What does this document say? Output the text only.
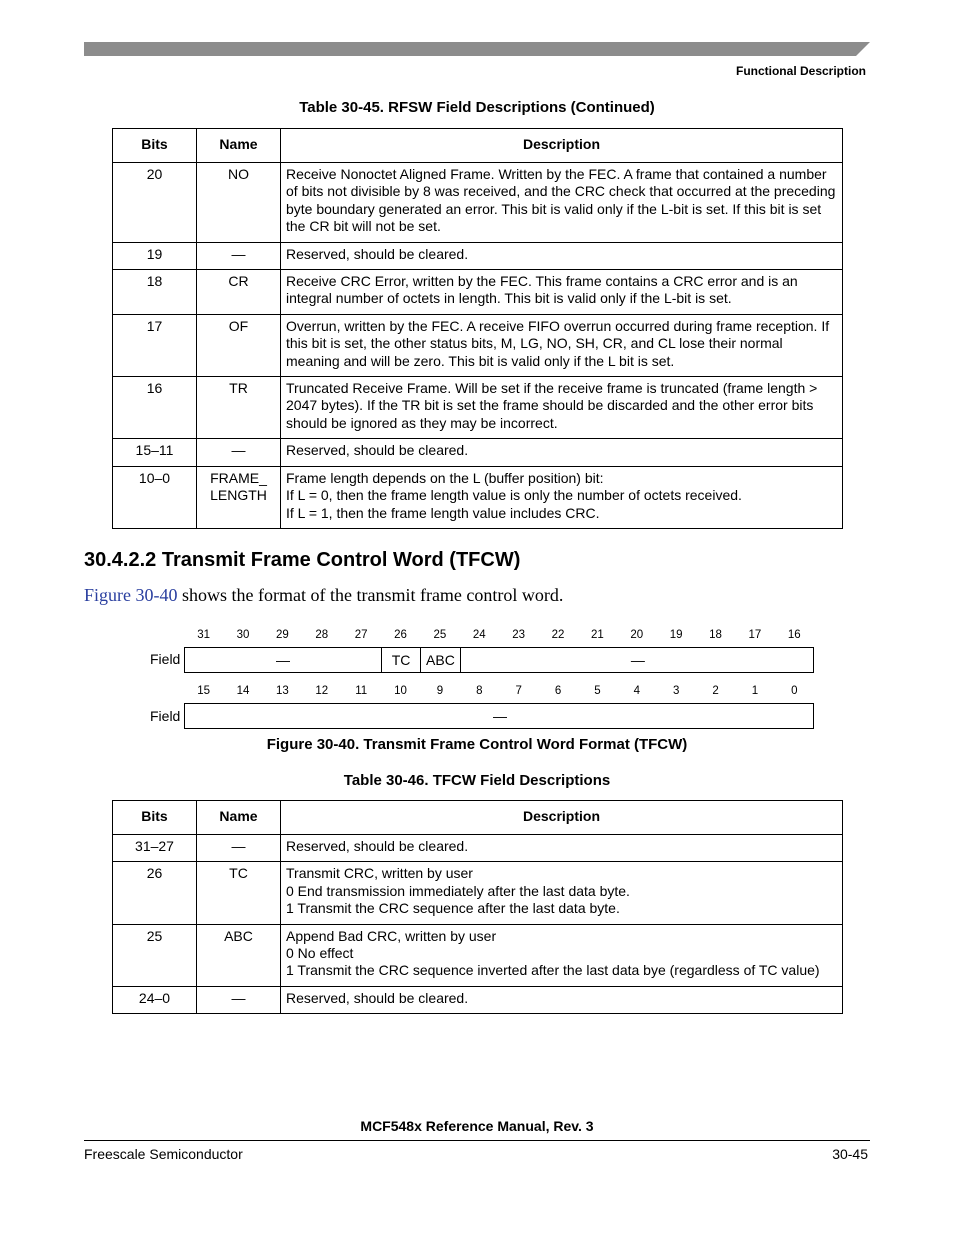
Functional Description
Table 30-45. RFSW Field Descriptions (Continued)
Bits	Name	Description
20	NO	Receive Nonoctet Aligned Frame. Written by the FEC. A frame that contained a number of bits not divisible by 8 was received, and the CRC check that occurred at the preceding byte boundary generated an error. This bit is valid only if the L-bit is set. If this bit is set the CR bit will not be set.

19	—	Reserved, should be cleared.

18	CR	Receive CRC Error, written by the FEC. This frame contains a CRC error and is an integral number of octets in length. This bit is valid only if the L-bit is set.

17	OF	Overrun, written by the FEC. A receive FIFO overrun occurred during frame reception. If this bit is set, the other status bits, M, LG, NO, SH, CR, and CL lose their normal meaning and will be zero. This bit is valid only if the L bit is set.

16	TR	Truncated Receive Frame. Will be set if the receive frame is truncated (frame length > 2047 bytes). If the TR bit is set the frame should be discarded and the other error bits should be ignored as they may be incorrect.

15–11	—	Reserved, should be cleared.

10–0	FRAME_ LENGTH	Frame length depends on the L (buffer position) bit:
If L = 0, then the frame length value is only the number of octets received.
If L = 1, then the frame length value includes CRC.
30.4.2.2 Transmit Frame Control Word (TFCW)
Figure 30-40 shows the format of the transmit frame control word.
31	30	29	28	27	26	25	24	23	22	21	20	19	18	17	16
Field	—	TC	ABC	—
15	14	13	12	11	10	9	8	7	6	5	4	3	2	1	0
Field	—
Figure 30-40. Transmit Frame Control Word Format (TFCW)
Table 30-46. TFCW Field Descriptions
Bits	Name	Description
31–27	—	Reserved, should be cleared.

26	TC	Transmit CRC, written by user
0 End transmission immediately after the last data byte.
1 Transmit the CRC sequence after the last data byte.

25	ABC	Append Bad CRC, written by user
0 No effect
1 Transmit the CRC sequence inverted after the last data bye (regardless of TC value)

24–0	—	Reserved, should be cleared.
MCF548x Reference Manual, Rev. 3
Freescale Semiconductor	30-45
